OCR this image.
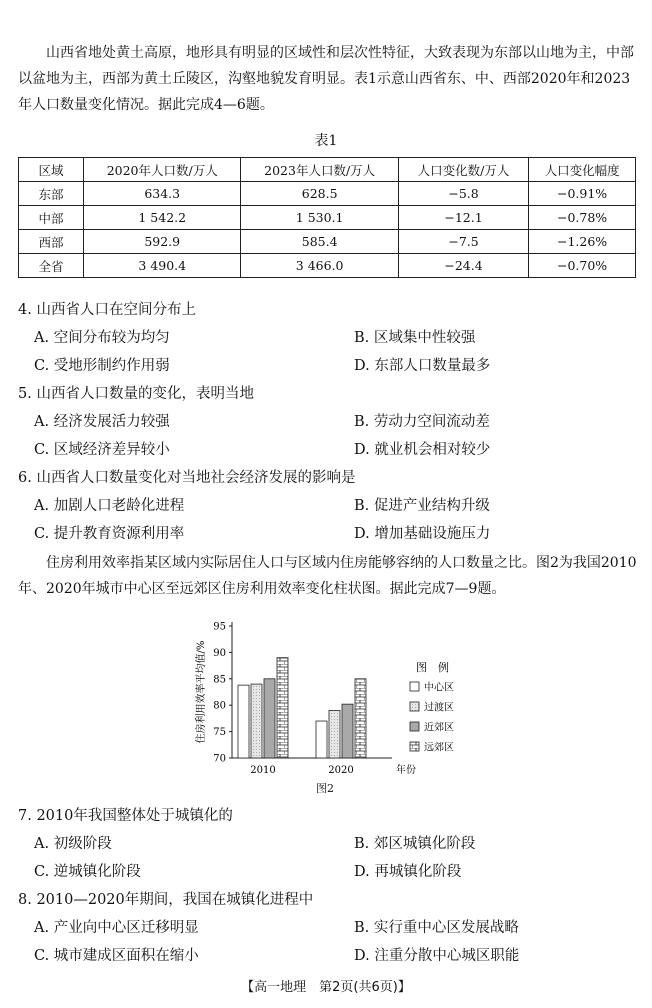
山西省地处黄土高原，地形具有明显的区域性和层次性特征，大致表现为东部以山地为主，中部以盆地为主，西部为黄土丘陵区，沟壑地貌发育明显。表1示意山西省东、中、西部2020年和2023年人口数量变化情况。据此完成4—6题。
表1
区域	2020年人口数/万人	2023年人口数/万人	人口变化数/万人	人口变化幅度
东部	634.3	628.5	−5.8	−0.91%
中部	1 542.2	1 530.1	−12.1	−0.78%
西部	592.9	585.4	−7.5	−1.26%
全省	3 490.4	3 466.0	−24.4	−0.70%
4. 山西省人口在空间分布上
A. 空间分布较为均匀	B. 区域集中性较强
C. 受地形制约作用弱	D. 东部人口数量最多
5. 山西省人口数量的变化，表明当地
A. 经济发展活力较强	B. 劳动力空间流动差
C. 区域经济差异较小	D. 就业机会相对较少
6. 山西省人口数量变化对当地社会经济发展的影响是
A. 加剧人口老龄化进程	B. 促进产业结构升级
C. 提升教育资源利用率	D. 增加基础设施压力
住房利用效率指某区域内实际居住人口与区域内住房能够容纳的人口数量之比。图2为我国2010年、2020年城市中心区至远郊区住房利用效率变化柱状图。据此完成7—9题。
70
75
80
85
90
95
住房利用效率平均值/%
2010	2020	年份
图　例
中心区
过渡区
近郊区
远郊区
图2
7. 2010年我国整体处于城镇化的
A. 初级阶段	B. 郊区城镇化阶段
C. 逆城镇化阶段	D. 再城镇化阶段
8. 2010—2020年期间，我国在城镇化进程中
A. 产业向中心区迁移明显	B. 实行重中心区发展战略
C. 城市建成区面积在缩小	D. 注重分散中心城区职能
【高一地理　第2页(共6页)】
